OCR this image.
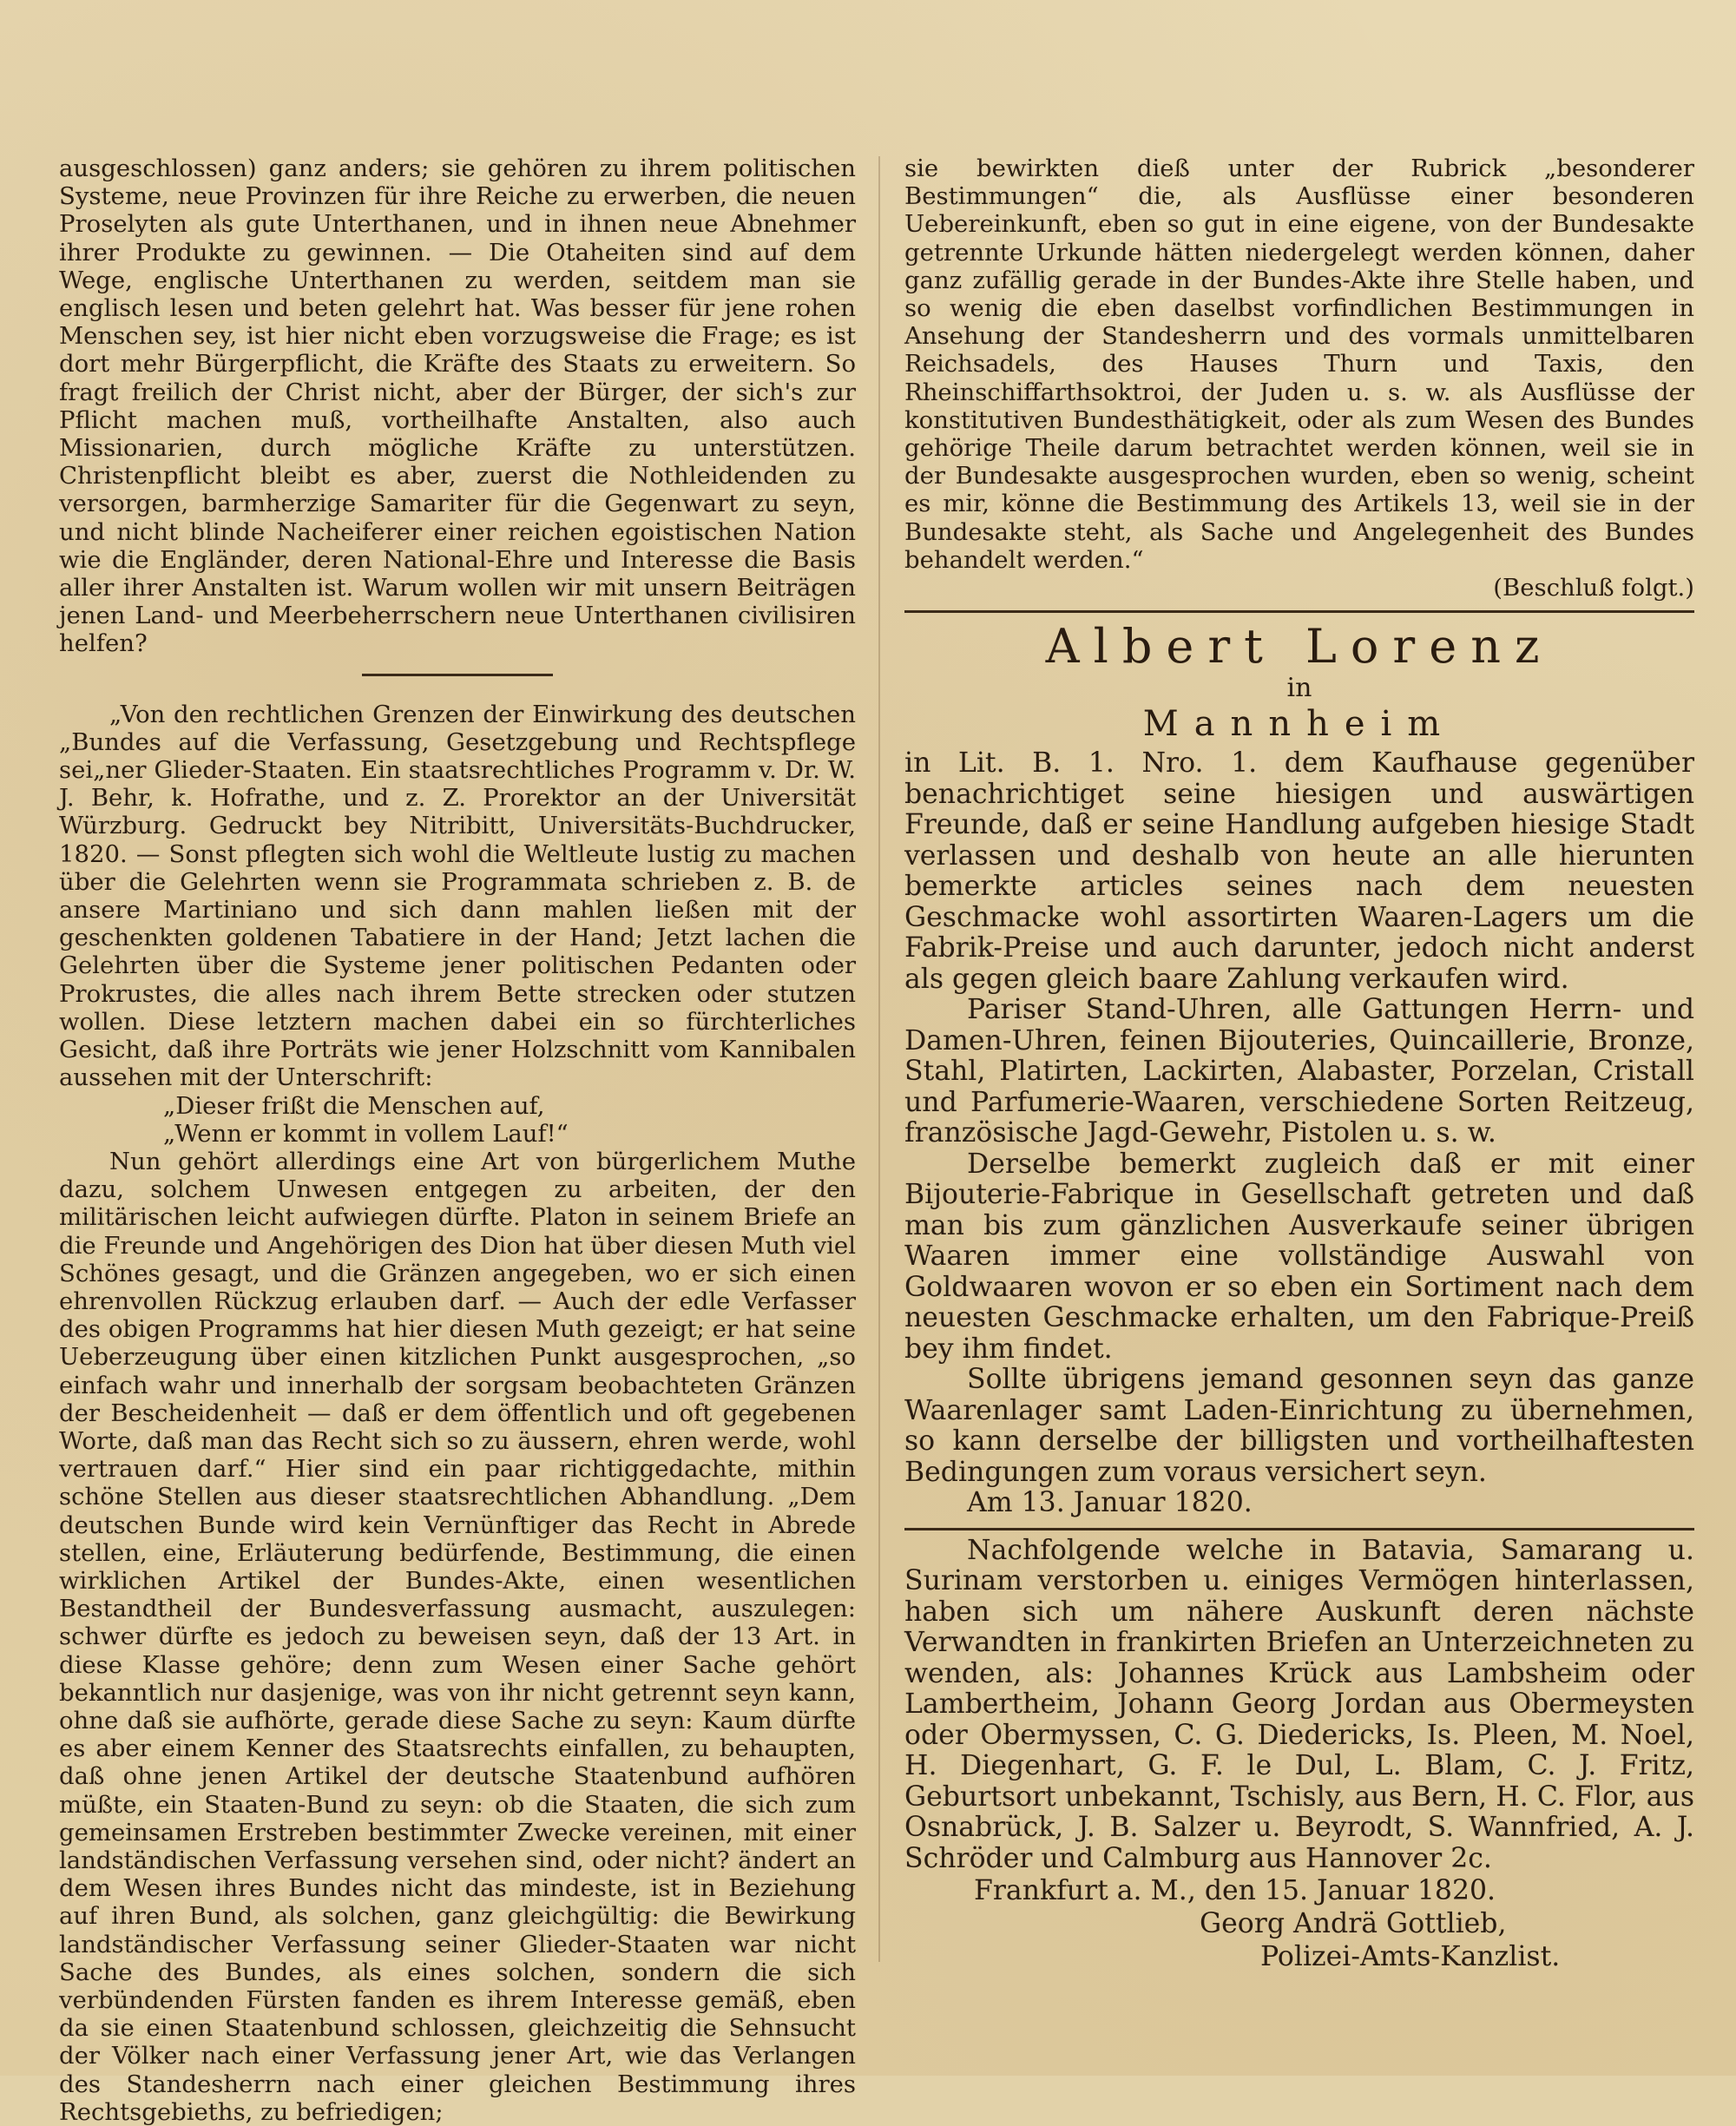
ausgeschlossen) ganz anders; sie gehören zu ihrem politischen Systeme, neue Provinzen für ihre Reiche zu erwerben, die neuen Proselyten als gute Unterthanen, und in ihnen neue Abnehmer ihrer Produkte zu gewinnen. — Die Otaheiten sind auf dem Wege, englische Unterthanen zu werden, seitdem man sie englisch lesen und beten gelehrt hat. Was besser für jene rohen Menschen sey, ist hier nicht eben vorzugsweise die Frage; es ist dort mehr Bürgerpflicht, die Kräfte des Staats zu erweitern. So fragt freilich der Christ nicht, aber der Bürger, der sich's zur Pflicht machen muß, vortheilhafte Anstalten, also auch Missionarien, durch mögliche Kräfte zu unterstützen. Christenpflicht bleibt es aber, zuerst die Nothleidenden zu versorgen, barmherzige Samariter für die Gegenwart zu seyn, und nicht blinde Nacheiferer einer reichen egoistischen Nation wie die Engländer, deren National-Ehre und Interesse die Basis aller ihrer Anstalten ist. Warum wollen wir mit unsern Beiträgen jenen Land- und Meerbeherrschern neue Unterthanen civilisiren helfen?

„Von den rechtlichen Grenzen der Einwirkung des deutschen „Bundes auf die Verfassung, Gesetzgebung und Rechtspflege sei„ner Glieder-Staaten. Ein staatsrechtliches Programm v. Dr. W. J. Behr, k. Hofrathe, und z. Z. Prorektor an der Universität Würzburg. Gedruckt bey Nitribitt, Universitäts-Buchdrucker, 1820. — Sonst pflegten sich wohl die Weltleute lustig zu machen über die Gelehrten wenn sie Programmata schrieben z. B. de ansere Martiniano und sich dann mahlen ließen mit der geschenkten goldenen Tabatiere in der Hand; Jetzt lachen die Gelehrten über die Systeme jener politischen Pedanten oder Prokrustes, die alles nach ihrem Bette strecken oder stutzen wollen. Diese letztern machen dabei ein so fürchterliches Gesicht, daß ihre Porträts wie jener Holzschnitt vom Kannibalen aussehen mit der Unterschrift:

„Dieser frißt die Menschen auf,

„Wenn er kommt in vollem Lauf!“

Nun gehört allerdings eine Art von bürgerlichem Muthe dazu, solchem Unwesen entgegen zu arbeiten, der den militärischen leicht aufwiegen dürfte. Platon in seinem Briefe an die Freunde und Angehörigen des Dion hat über diesen Muth viel Schönes gesagt, und die Gränzen angegeben, wo er sich einen ehrenvollen Rückzug erlauben darf. — Auch der edle Verfasser des obigen Programms hat hier diesen Muth gezeigt; er hat seine Ueberzeugung über einen kitzlichen Punkt ausgesprochen, „so einfach wahr und innerhalb der sorgsam beobachteten Gränzen der Bescheidenheit — daß er dem öffentlich und oft gegebenen Worte, daß man das Recht sich so zu äussern, ehren werde, wohl vertrauen darf.“ Hier sind ein paar richtiggedachte, mithin schöne Stellen aus dieser staatsrechtlichen Abhandlung. „Dem deutschen Bunde wird kein Vernünftiger das Recht in Abrede stellen, eine, Erläuterung bedürfende, Bestimmung, die einen wirklichen Artikel der Bundes-Akte, einen wesentlichen Bestandtheil der Bundesverfassung ausmacht, auszulegen: schwer dürfte es jedoch zu beweisen seyn, daß der 13 Art. in diese Klasse gehöre; denn zum Wesen einer Sache gehört bekanntlich nur dasjenige, was von ihr nicht getrennt seyn kann, ohne daß sie aufhörte, gerade diese Sache zu seyn: Kaum dürfte es aber einem Kenner des Staatsrechts einfallen, zu behaupten, daß ohne jenen Artikel der deutsche Staatenbund aufhören müßte, ein Staaten-Bund zu seyn: ob die Staaten, die sich zum gemeinsamen Erstreben bestimmter Zwecke vereinen, mit einer landständischen Verfassung versehen sind, oder nicht? ändert an dem Wesen ihres Bundes nicht das mindeste, ist in Beziehung auf ihren Bund, als solchen, ganz gleichgültig: die Bewirkung landständischer Verfassung seiner Glieder-Staaten war nicht Sache des Bundes, als eines solchen, sondern die sich verbündenden Fürsten fanden es ihrem Interesse gemäß, eben da sie einen Staatenbund schlossen, gleichzeitig die Sehnsucht der Völker nach einer Verfassung jener Art, wie das Verlangen des Standesherrn nach einer gleichen Bestimmung ihres Rechtsgebieths, zu befriedigen;

sie bewirkten dieß unter der Rubrick „besonderer Bestimmungen“ die, als Ausflüsse einer besonderen Uebereinkunft, eben so gut in eine eigene, von der Bundesakte getrennte Urkunde hätten niedergelegt werden können, daher ganz zufällig gerade in der Bundes-Akte ihre Stelle haben, und so wenig die eben daselbst vorfindlichen Bestimmungen in Ansehung der Standesherrn und des vormals unmittelbaren Reichsadels, des Hauses Thurn und Taxis, den Rheinschiffarthsoktroi, der Juden u. s. w. als Ausflüsse der konstitutiven Bundesthätigkeit, oder als zum Wesen des Bundes gehörige Theile darum betrachtet werden können, weil sie in der Bundesakte ausgesprochen wurden, eben so wenig, scheint es mir, könne die Bestimmung des Artikels 13, weil sie in der Bundesakte steht, als Sache und Angelegenheit des Bundes behandelt werden.“

(Beschluß folgt.)

Albert Lorenz

in

Mannheim

in Lit. B. 1. Nro. 1. dem Kaufhause gegenüber benachrichtiget seine hiesigen und auswärtigen Freunde, daß er seine Handlung aufgeben hiesige Stadt verlassen und deshalb von heute an alle hierunten bemerkte articles seines nach dem neuesten Geschmacke wohl assortirten Waaren-Lagers um die Fabrik-Preise und auch darunter, jedoch nicht anderst als gegen gleich baare Zahlung verkaufen wird.

Pariser Stand-Uhren, alle Gattungen Herrn- und Damen-Uhren, feinen Bijouteries, Quincaillerie, Bronze, Stahl, Platirten, Lackirten, Alabaster, Porzelan, Cristall und Parfumerie-Waaren, verschiedene Sorten Reitzeug, französische Jagd-Gewehr, Pistolen u. s. w.

Derselbe bemerkt zugleich daß er mit einer Bijouterie-Fabrique in Gesellschaft getreten und daß man bis zum gänzlichen Ausverkaufe seiner übrigen Waaren immer eine vollständige Auswahl von Goldwaaren wovon er so eben ein Sortiment nach dem neuesten Geschmacke erhalten, um den Fabrique-Preiß bey ihm findet.

Sollte übrigens jemand gesonnen seyn das ganze Waarenlager samt Laden-Einrichtung zu übernehmen, so kann derselbe der billigsten und vortheilhaftesten Bedingungen zum voraus versichert seyn.

Am 13. Januar 1820.

Nachfolgende welche in Batavia, Samarang u. Surinam verstorben u. einiges Vermögen hinterlassen, haben sich um nähere Auskunft deren nächste Verwandten in frankirten Briefen an Unterzeichneten zu wenden, als: Johannes Krück aus Lambsheim oder Lambertheim, Johann Georg Jordan aus Obermeysten oder Obermyssen, C. G. Diedericks, Is. Pleen, M. Noel, H. Diegenhart, G. F. le Dul, L. Blam, C. J. Fritz, Geburtsort unbekannt, Tschisly, aus Bern, H. C. Flor, aus Osnabrück, J. B. Salzer u. Beyrodt, S. Wannfried, A. J. Schröder und Calmburg aus Hannover 2c.

Frankfurt a. M., den 15. Januar 1820.

Georg Andrä Gottlieb,

Polizei-Amts-Kanzlist.
